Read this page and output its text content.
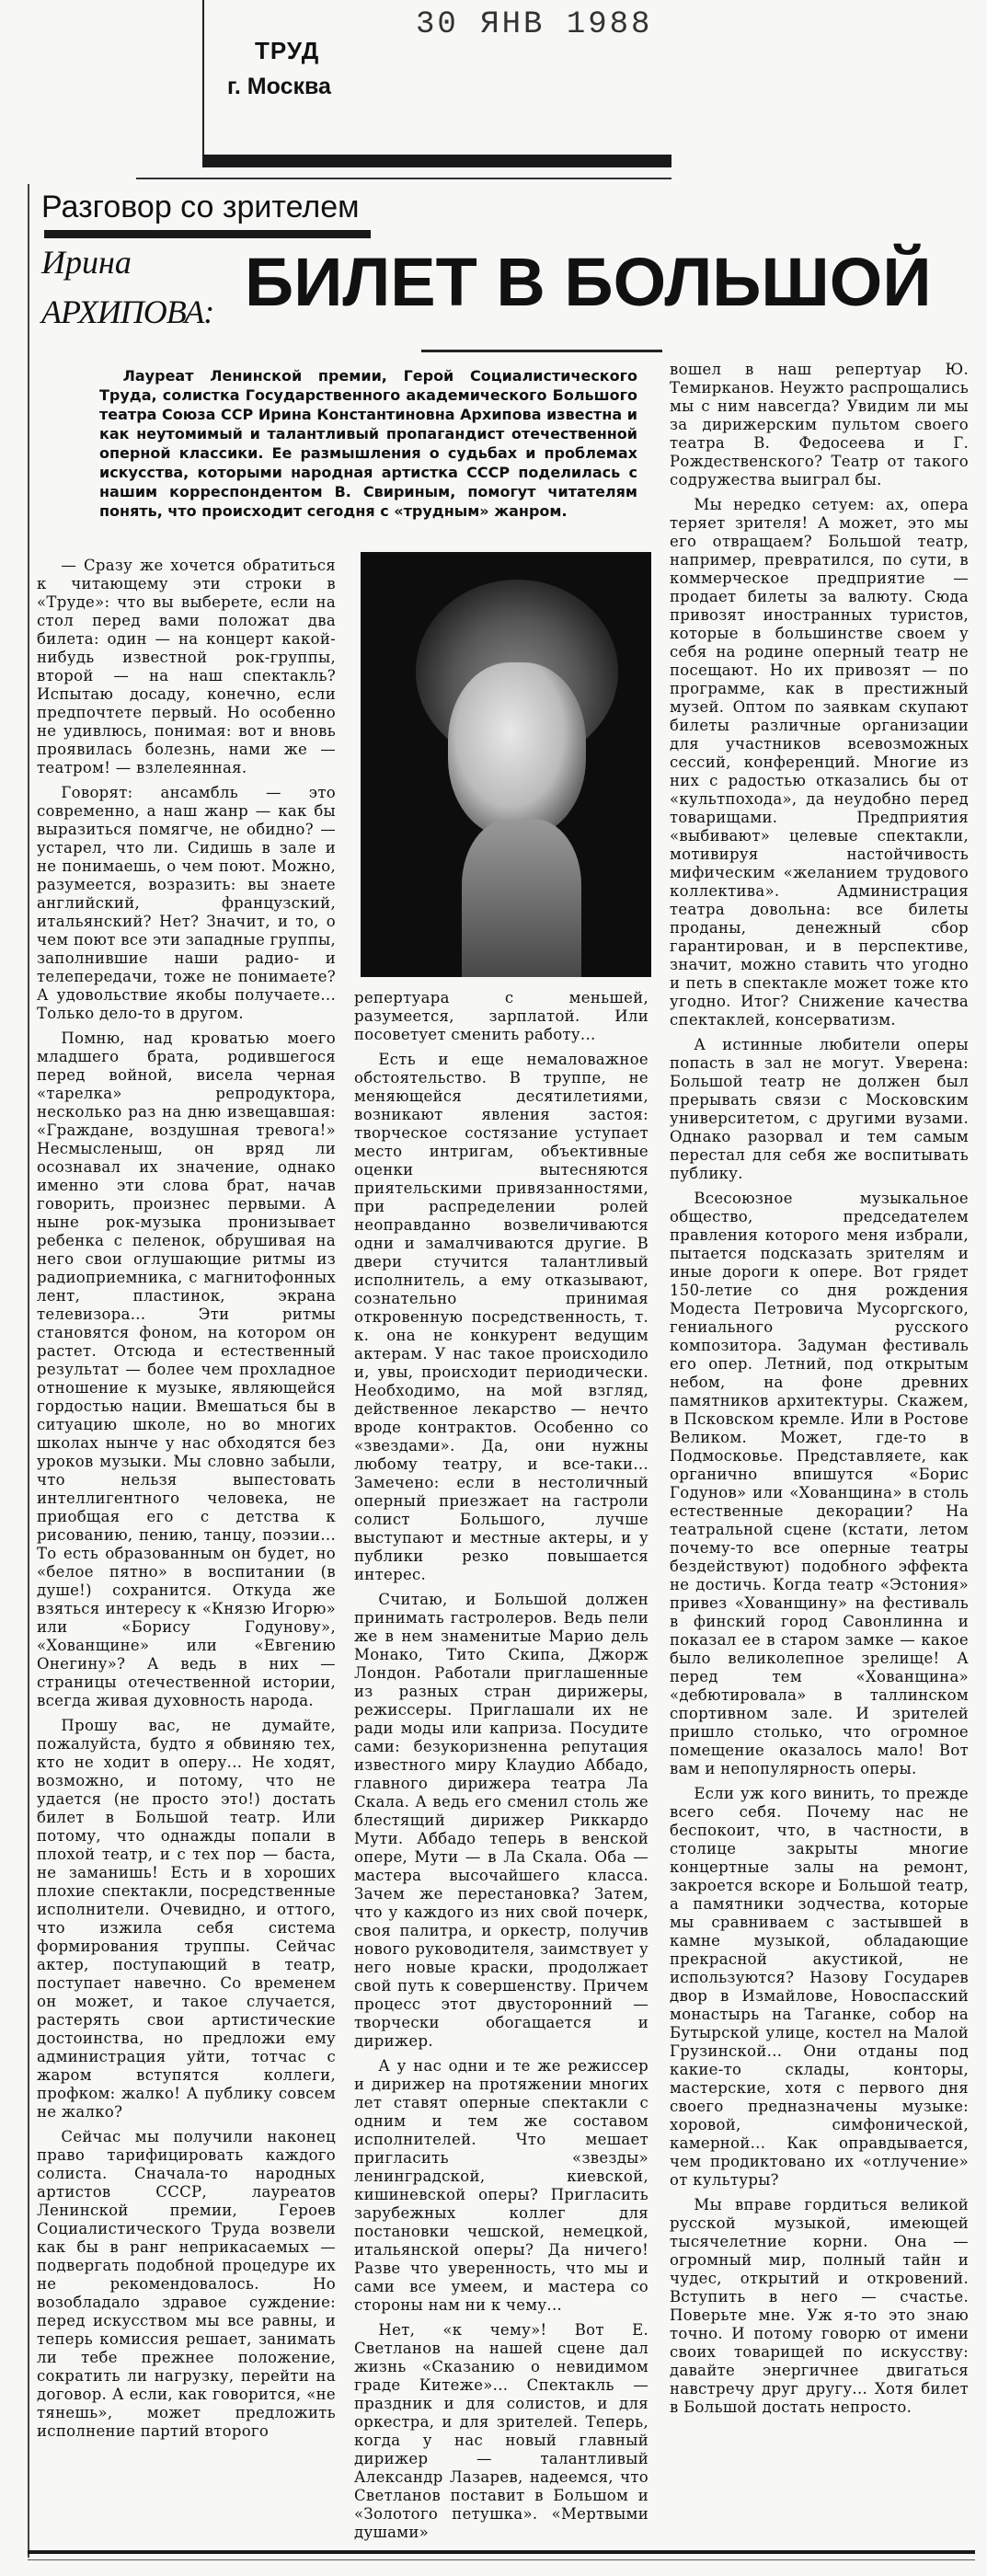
ТРУД
г. Москва
30 ЯНВ 1988
Разговор со зрителем
Ирина
АРХИПОВА: БИЛЕТ В БОЛЬШОЙ
Лауреат Ленинской премии, Герой Социалистического Труда, солистка Государственного академического Большого театра Союза ССР Ирина Константиновна Архипова известна и как неутомимый и талантливый пропагандист отечественной оперной классики. Ее размышления о судьбах и проблемах искусства, которыми народная артистка СССР поделилась с нашим корреспондентом В. Свириным, помогут читателям понять, что происходит сегодня с «трудным» жанром.

— Сразу же хочется обратиться к читающему эти строки в «Труде»: что вы выберете, если на стол перед вами положат два билета: один — на концерт какой-нибудь известной рок-группы, второй — на наш спектакль? Испытаю досаду, конечно, если предпочтете первый. Но особенно не удивлюсь, понимая: вот и вновь проявилась болезнь, нами же — театром! — взлелеянная.

Говорят: ансамбль — это современно, а наш жанр — как бы выразиться помягче, не обидно? — устарел, что ли. Сидишь в зале и не понимаешь, о чем поют. Можно, разумеется, возразить: вы знаете английский, французский, итальянский? Нет? Значит, и то, о чем поют все эти западные группы, заполнившие наши радио- и телепередачи, тоже не понимаете? А удовольствие якобы получаете... Только дело-то в другом.

Помню, над кроватью моего младшего брата, родившегося перед войной, висела черная «тарелка» репродуктора, несколько раз на дню извещавшая: «Граждане, воздушная тревога!» Несмысленыш, он вряд ли осознавал их значение, однако именно эти слова брат, начав говорить, произнес первыми. А ныне рок-музыка пронизывает ребенка с пеленок, обрушивая на него свои оглушающие ритмы из радиоприемника, с магнитофонных лент, пластинок, экрана телевизора... Эти ритмы становятся фоном, на котором он растет. Отсюда и естественный результат — более чем прохладное отношение к музыке, являющейся гордостью нации. Вмешаться бы в ситуацию школе, но во многих школах нынче у нас обходятся без уроков музыки. Мы словно забыли, что нельзя выпестовать интеллигентного человека, не приобщая его с детства к рисованию, пению, танцу, поэзии... То есть образованным он будет, но «белое пятно» в воспитании (в душе!) сохранится. Откуда же взяться интересу к «Князю Игорю» или «Борису Годунову», «Хованщине» или «Евгению Онегину»? А ведь в них — страницы отечественной истории, всегда живая духовность народа.

Прошу вас, не думайте, пожалуйста, будто я обвиняю тех, кто не ходит в оперу... Не ходят, возможно, и потому, что не удается (не просто это!) достать билет в Большой театр. Или потому, что однажды попали в плохой театр, и с тех пор — баста, не заманишь! Есть и в хороших плохие спектакли, посредственные исполнители. Очевидно, и оттого, что изжила себя система формирования труппы. Сейчас актер, поступающий в театр, поступает навечно. Со временем он может, и такое случается, растерять свои артистические достоинства, но предложи ему администрация уйти, тотчас с жаром вступятся коллеги, профком: жалко! А публику совсем не жалко?

Сейчас мы получили наконец право тарифицировать каждого солиста. Сначала-то народных артистов СССР, лауреатов Ленинской премии, Героев Социалистического Труда возвели как бы в ранг неприкасаемых — подвергать подобной процедуре их не рекомендовалось. Но возобладало здравое суждение: перед искусством мы все равны, и теперь комиссия решает, занимать ли тебе прежнее положение, сократить ли нагрузку, перейти на договор. А если, как говорится, «не тянешь», может предложить исполнение партий второго

репертуара с меньшей, разумеется, зарплатой. Или посоветует сменить работу...

Есть и еще немаловажное обстоятельство. В труппе, не меняющейся десятилетиями, возникают явления застоя: творческое состязание уступает место интригам, объективные оценки вытесняются приятельскими привязанностями, при распределении ролей неоправданно возвеличиваются одни и замалчиваются другие. В двери стучится талантливый исполнитель, а ему отказывают, сознательно принимая откровенную посредственность, т. к. она не конкурент ведущим актерам. У нас такое происходило и, увы, происходит периодически. Необходимо, на мой взгляд, действенное лекарство — нечто вроде контрактов. Особенно со «звездами». Да, они нужны любому театру, и все-таки... Замечено: если в нестоличный оперный приезжает на гастроли солист Большого, лучше выступают и местные актеры, и у публики резко повышается интерес.

Считаю, и Большой должен принимать гастролеров. Ведь пели же в нем знаменитые Марио дель Монако, Тито Скипа, Джорж Лондон. Работали приглашенные из разных стран дирижеры, режиссеры. Приглашали их не ради моды или каприза. Посудите сами: безукоризненна репутация известного миру Клаудио Аббадо, главного дирижера театра Ла Скала. А ведь его сменил столь же блестящий дирижер Риккардо Мути. Аббадо теперь в венской опере, Мути — в Ла Скала. Оба — мастера высочайшего класса. Зачем же перестановка? Затем, что у каждого из них свой почерк, своя палитра, и оркестр, получив нового руководителя, заимствует у него новые краски, продолжает свой путь к совершенству. Причем процесс этот двусторонний — творчески обогащается и дирижер.

А у нас одни и те же режиссер и дирижер на протяжении многих лет ставят оперные спектакли с одним и тем же составом исполнителей. Что мешает пригласить «звезды» ленинградской, киевской, кишиневской оперы? Пригласить зарубежных коллег для постановки чешской, немецкой, итальянской оперы? Да ничего! Разве что уверенность, что мы и сами все умеем, и мастера со стороны нам ни к чему...

Нет, «к чему»! Вот Е. Светланов на нашей сцене дал жизнь «Сказанию о невидимом граде Китеже»... Спектакль — праздник и для солистов, и для оркестра, и для зрителей. Теперь, когда у нас новый главный дирижер — талантливый Александр Лазарев, надеемся, что Светланов поставит в Большом и «Золотого петушка». «Мертвыми душами»

вошел в наш репертуар Ю. Темирканов. Неужто распрощались мы с ним навсегда? Увидим ли мы за дирижерским пультом своего театра В. Федосеева и Г. Рождественского? Театр от такого содружества выиграл бы.

Мы нередко сетуем: ах, опера теряет зрителя! А может, это мы его отвращаем? Большой театр, например, превратился, по сути, в коммерческое предприятие — продает билеты за валюту. Сюда привозят иностранных туристов, которые в большинстве своем у себя на родине оперный театр не посещают. Но их привозят — по программе, как в престижный музей. Оптом по заявкам скупают билеты различные организации для участников всевозможных сессий, конференций. Многие из них с радостью отказались бы от «культпохода», да неудобно перед товарищами. Предприятия «выбивают» целевые спектакли, мотивируя настойчивость мифическим «желанием трудового коллектива». Администрация театра довольна: все билеты проданы, денежный сбор гарантирован, и в перспективе, значит, можно ставить что угодно и петь в спектакле может тоже кто угодно. Итог? Снижение качества спектаклей, консерватизм.

А истинные любители оперы попасть в зал не могут. Уверена: Большой театр не должен был прерывать связи с Московским университетом, с другими вузами. Однако разорвал и тем самым перестал для себя же воспитывать публику.

Всесоюзное музыкальное общество, председателем правления которого меня избрали, пытается подсказать зрителям и иные дороги к опере. Вот грядет 150-летие со дня рождения Модеста Петровича Мусоргского, гениального русского композитора. Задуман фестиваль его опер. Летний, под открытым небом, на фоне древних памятников архитектуры. Скажем, в Псковском кремле. Или в Ростове Великом. Может, где-то в Подмосковье. Представляете, как органично впишутся «Борис Годунов» или «Хованщина» в столь естественные декорации? На театральной сцене (кстати, летом почему-то все оперные театры бездействуют) подобного эффекта не достичь. Когда театр «Эстония» привез «Хованщину» на фестиваль в финский город Савонлинна и показал ее в старом замке — какое было великолепное зрелище! А перед тем «Хованщина» «дебютировала» в таллинском спортивном зале. И зрителей пришло столько, что огромное помещение оказалось мало! Вот вам и непопулярность оперы.

Если уж кого винить, то прежде всего себя. Почему нас не беспокоит, что, в частности, в столице закрыты многие концертные залы на ремонт, закроется вскоре и Большой театр, а памятники зодчества, которые мы сравниваем с застывшей в камне музыкой, обладающие прекрасной акустикой, не используются? Назову Государев двор в Измайлове, Новоспасский монастырь на Таганке, собор на Бутырской улице, костел на Малой Грузинской... Они отданы под какие-то склады, конторы, мастерские, хотя с первого дня своего предназначены музыке: хоровой, симфонической, камерной... Как оправдывается, чем продиктовано их «отлучение» от культуры?

Мы вправе гордиться великой русской музыкой, имеющей тысячелетние корни. Она — огромный мир, полный тайн и чудес, открытий и откровений. Вступить в него — счастье. Поверьте мне. Уж я-то это знаю точно. И потому говорю от имени своих товарищей по искусству: давайте энергичнее двигаться навстречу друг другу... Хотя билет в Большой достать непросто.
